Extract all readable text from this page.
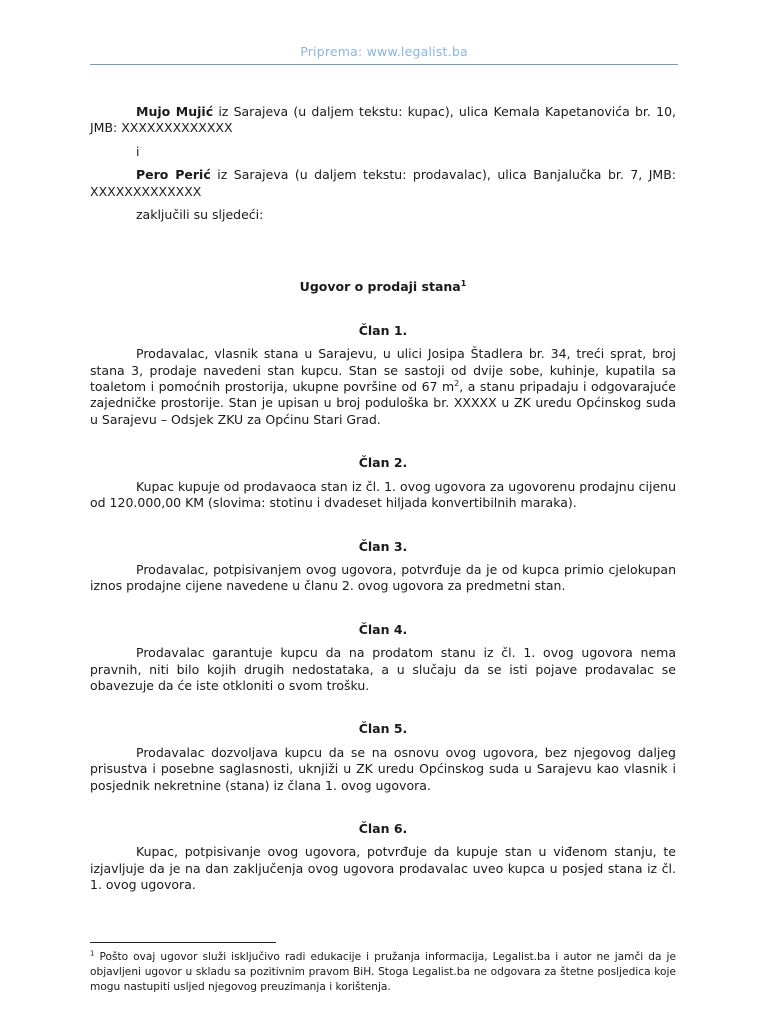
Priprema: www.legalist.ba

Mujo Mujić iz Sarajeva (u daljem tekstu: kupac), ulica Kemala Kapetanovića br. 10, JMB: XXXXXXXXXXXXX

i

Pero Perić iz Sarajeva (u daljem tekstu: prodavalac), ulica Banjalučka br. 7, JMB: XXXXXXXXXXXXX

zaključili su sljedeći:

Ugovor o prodaji stana$^1$

Član 1.

Prodavalac, vlasnik stana u Sarajevu, u ulici Josipa Štadlera br. 34, treći sprat, broj stana 3, prodaje navedeni stan kupcu. Stan se sastoji od dvije sobe, kuhinje, kupatila sa toaletom i pomoćnih prostorija, ukupne površine od 67 $m^2$, a stanu pripadaju i odgovarajuće zajedničke prostorije. Stan je upisan u broj poduloška br. XXXXX u ZK uredu Općinskog suda u Sarajevu – Odsjek ZKU za Općinu Stari Grad.

Član 2.

Kupac kupuje od prodavaoca stan iz čl. 1. ovog ugovora za ugovorenu prodajnu cijenu od 120.000,00 KM (slovima: stotinu i dvadeset hiljada konvertibilnih maraka).

Član 3.

Prodavalac, potpisivanjem ovog ugovora, potvrđuje da je od kupca primio cjelokupan iznos prodajne cijene navedene u članu 2. ovog ugovora za predmetni stan.

Član 4.

Prodavalac garantuje kupcu da na prodatom stanu iz čl. 1. ovog ugovora nema pravnih, niti bilo kojih drugih nedostataka, a u slučaju da se isti pojave prodavalac se obavezuje da će iste otkloniti o svom trošku.

Član 5.

Prodavalac dozvoljava kupcu da se na osnovu ovog ugovora, bez njegovog daljeg prisustva i posebne saglasnosti, uknjiži u ZK uredu Općinskog suda u Sarajevu kao vlasnik i posjednik nekretnine (stana) iz člana 1. ovog ugovora.

Član 6.

Kupac, potpisivanje ovog ugovora, potvrđuje da kupuje stan u viđenom stanju, te izjavljuje da je na dan zaključenja ovog ugovora prodavalac uveo kupca u posjed stana iz čl. 1. ovog ugovora.

$^1$ Pošto ovaj ugovor služi isključivo radi edukacije i pružanja informacija, Legalist.ba i autor ne jamči da je objavljeni ugovor u skladu sa pozitivnim pravom BiH. Stoga Legalist.ba ne odgovara za štetne posljedica koje mogu nastupiti usljed njegovog preuzimanja i korištenja.
